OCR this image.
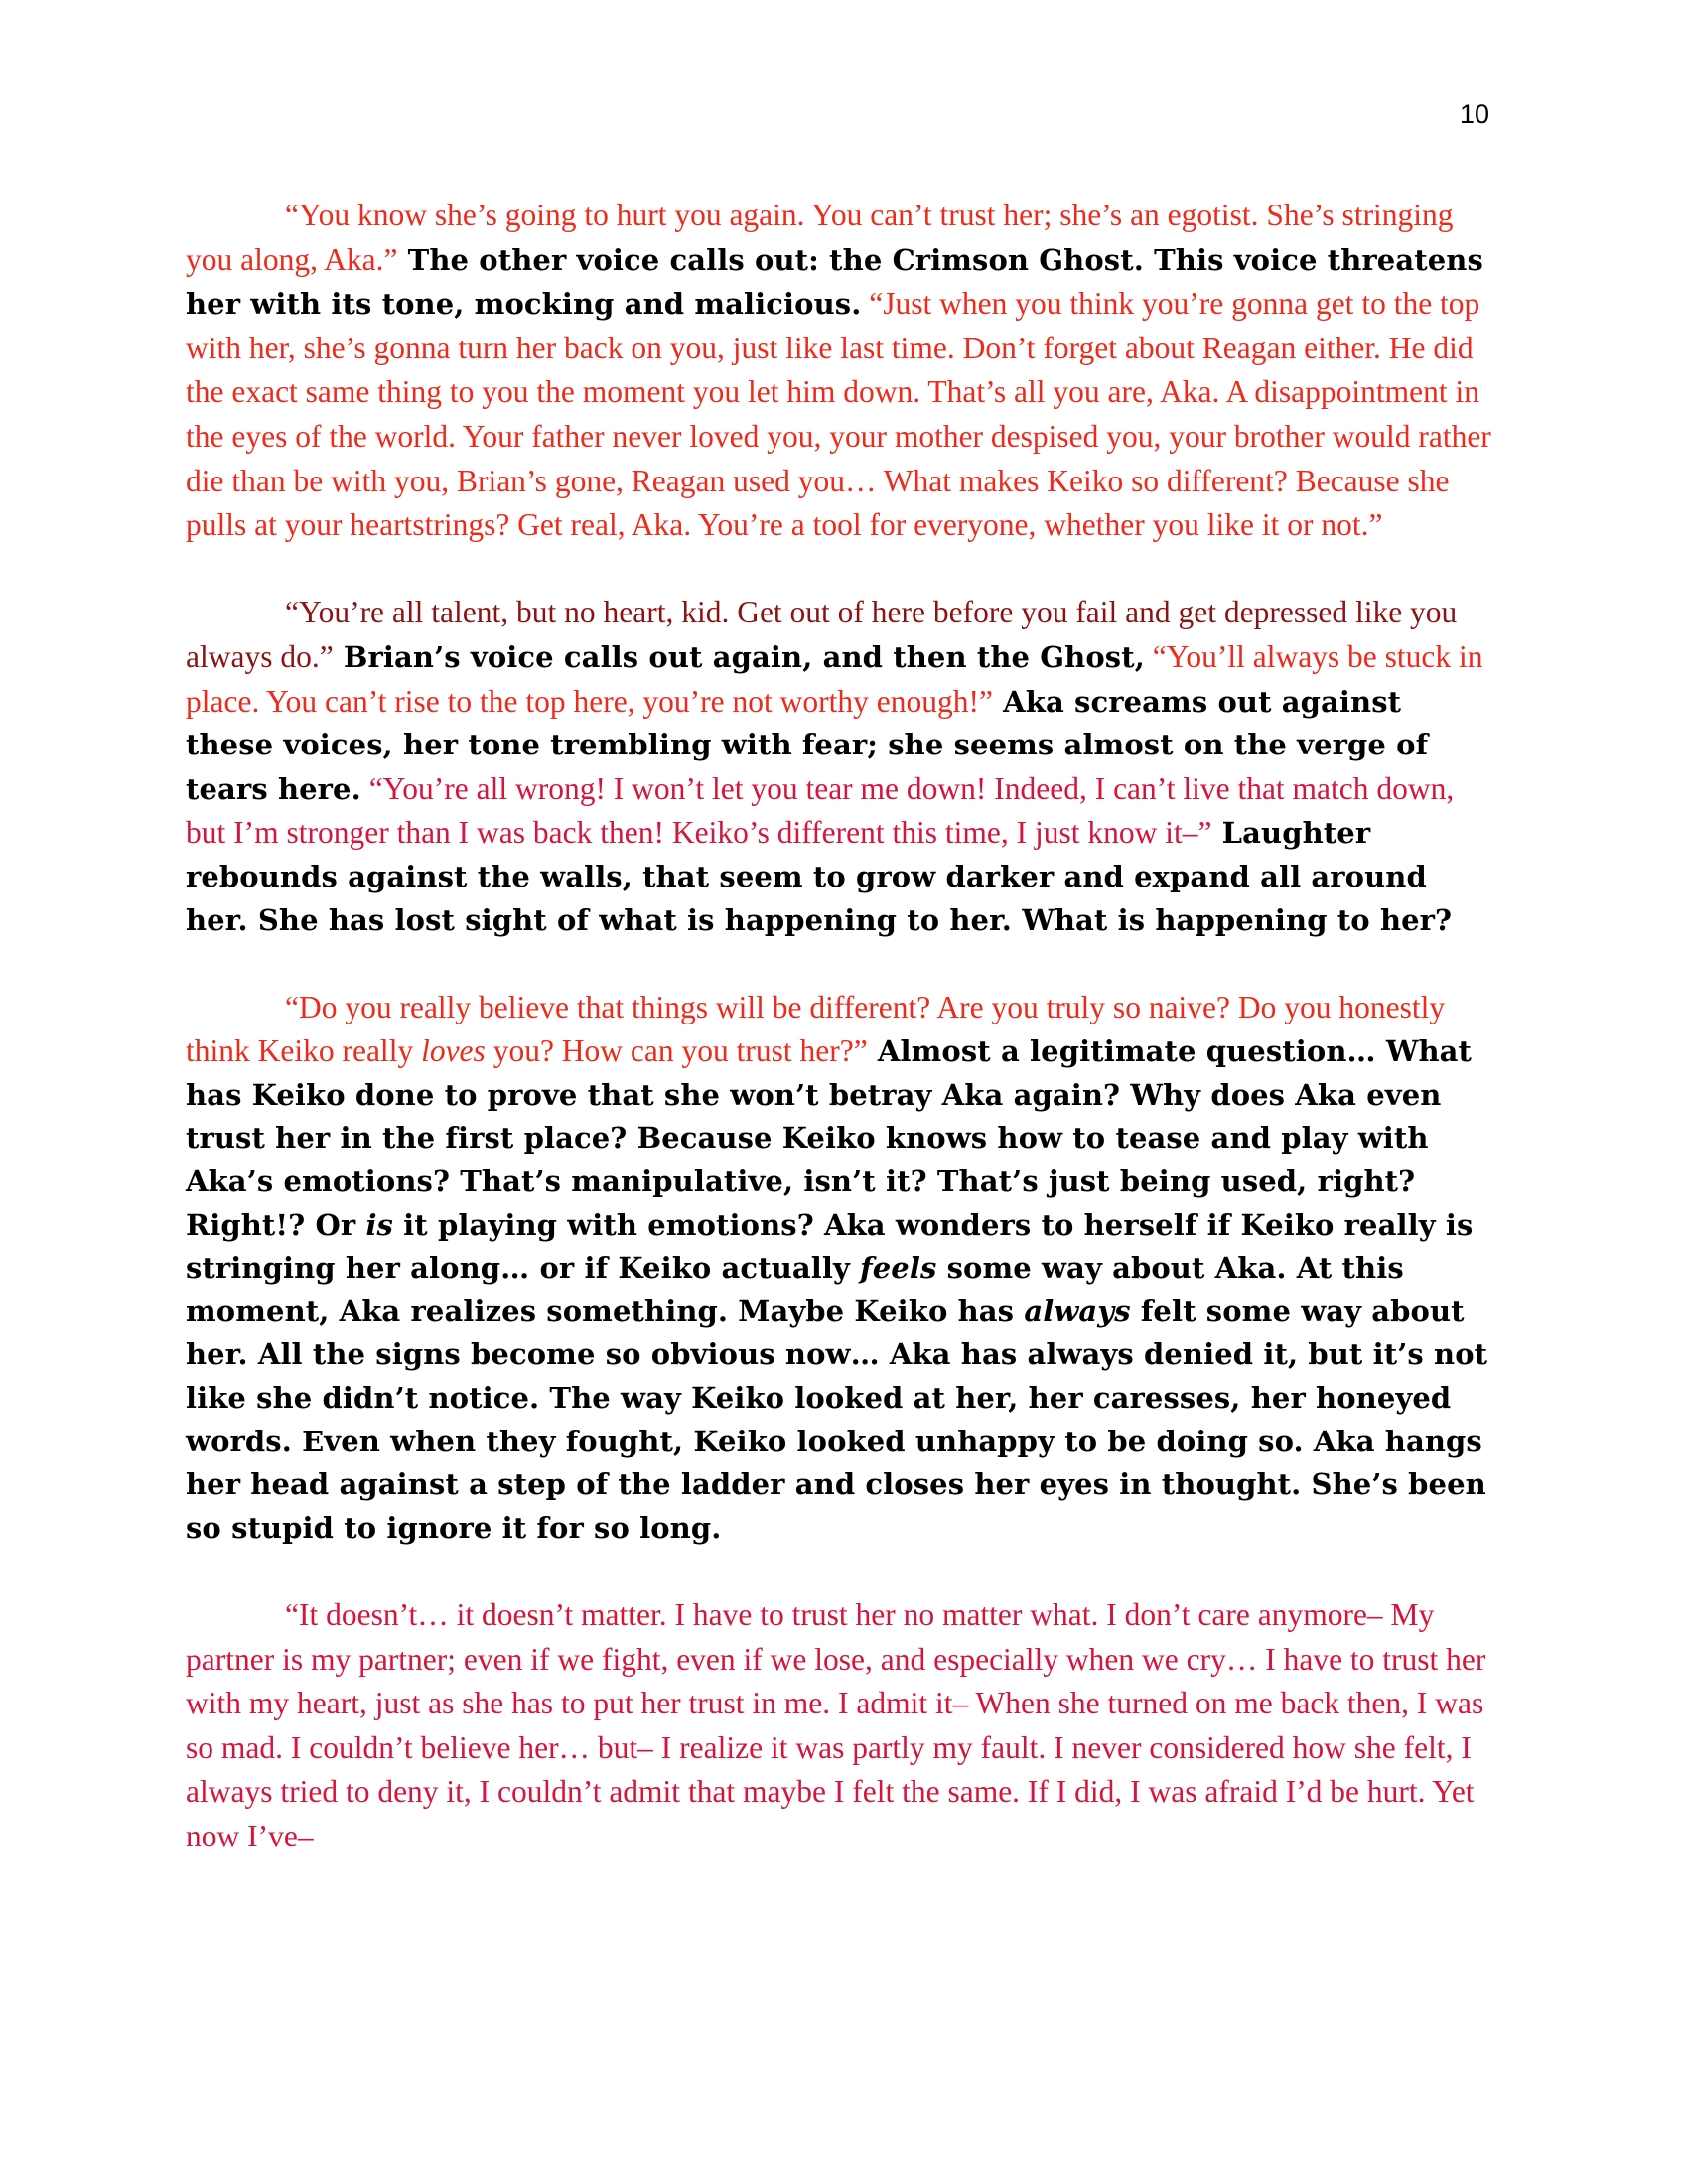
10

“You know she’s going to hurt you again. You can’t trust her; she’s an egotist. She’s stringing you along, Aka.” The other voice calls out: the Crimson Ghost. This voice threatens her with its tone, mocking and malicious. “Just when you think you’re gonna get to the top with her, she’s gonna turn her back on you, just like last time. Don’t forget about Reagan either. He did the exact same thing to you the moment you let him down. That’s all you are, Aka. A disappointment in the eyes of the world. Your father never loved you, your mother despised you, your brother would rather die than be with you, Brian’s gone, Reagan used you… What makes Keiko so different? Because she pulls at your heartstrings? Get real, Aka. You’re a tool for everyone, whether you like it or not.”

“You’re all talent, but no heart, kid. Get out of here before you fail and get depressed like you always do.” Brian’s voice calls out again, and then the Ghost, “You’ll always be stuck in place. You can’t rise to the top here, you’re not worthy enough!” Aka screams out against these voices, her tone trembling with fear; she seems almost on the verge of tears here. “You’re all wrong! I won’t let you tear me down! Indeed, I can’t live that match down, but I’m stronger than I was back then! Keiko’s different this time, I just know it–” Laughter rebounds against the walls, that seem to grow darker and expand all around her. She has lost sight of what is happening to her. What is happening to her?

“Do you really believe that things will be different? Are you truly so naive? Do you honestly think Keiko really loves you? How can you trust her?” Almost a legitimate question… What has Keiko done to prove that she won’t betray Aka again? Why does Aka even trust her in the first place? Because Keiko knows how to tease and play with Aka’s emotions? That’s manipulative, isn’t it? That’s just being used, right? Right!? Or is it playing with emotions? Aka wonders to herself if Keiko really is stringing her along… or if Keiko actually feels some way about Aka. At this moment, Aka realizes something. Maybe Keiko has always felt some way about her. All the signs become so obvious now… Aka has always denied it, but it’s not like she didn’t notice. The way Keiko looked at her, her caresses, her honeyed words. Even when they fought, Keiko looked unhappy to be doing so. Aka hangs her head against a step of the ladder and closes her eyes in thought. She’s been so stupid to ignore it for so long.

“It doesn’t… it doesn’t matter. I have to trust her no matter what. I don’t care anymore– My partner is my partner; even if we fight, even if we lose, and especially when we cry… I have to trust her with my heart, just as she has to put her trust in me. I admit it– When she turned on me back then, I was so mad. I couldn’t believe her… but– I realize it was partly my fault. I never considered how she felt, I always tried to deny it, I couldn’t admit that maybe I felt the same. If I did, I was afraid I’d be hurt. Yet now I’ve–
